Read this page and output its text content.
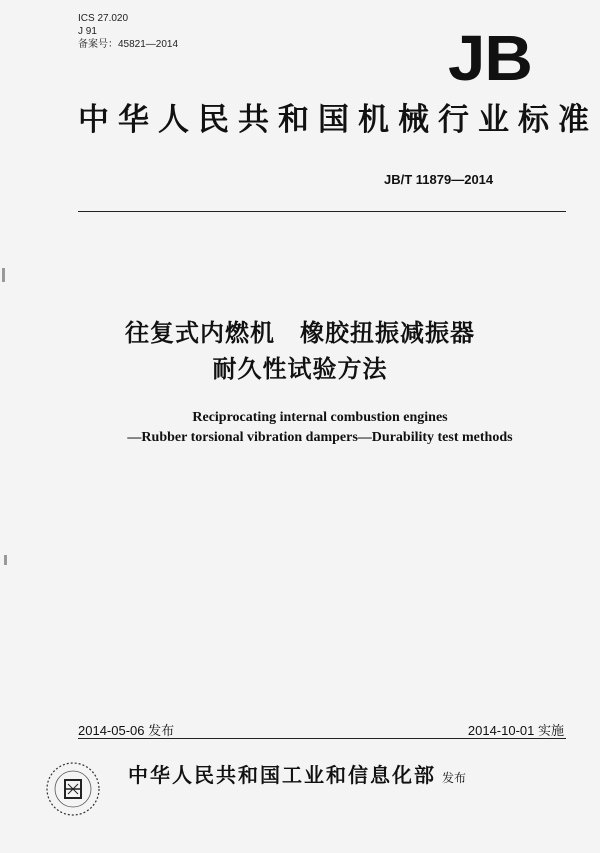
ICS 27.020
J 91
备案号：45821—2014	JB
中华人民共和国机械行业标准
JB/T 11879—2014
往复式内燃机　橡胶扭振减振器
耐久性试验方法
Reciprocating internal combustion engines
—Rubber torsional vibration dampers—Durability test methods
2014-05-06 发布	2014-10-01 实施
中华人民共和国工业和信息化部 发布
